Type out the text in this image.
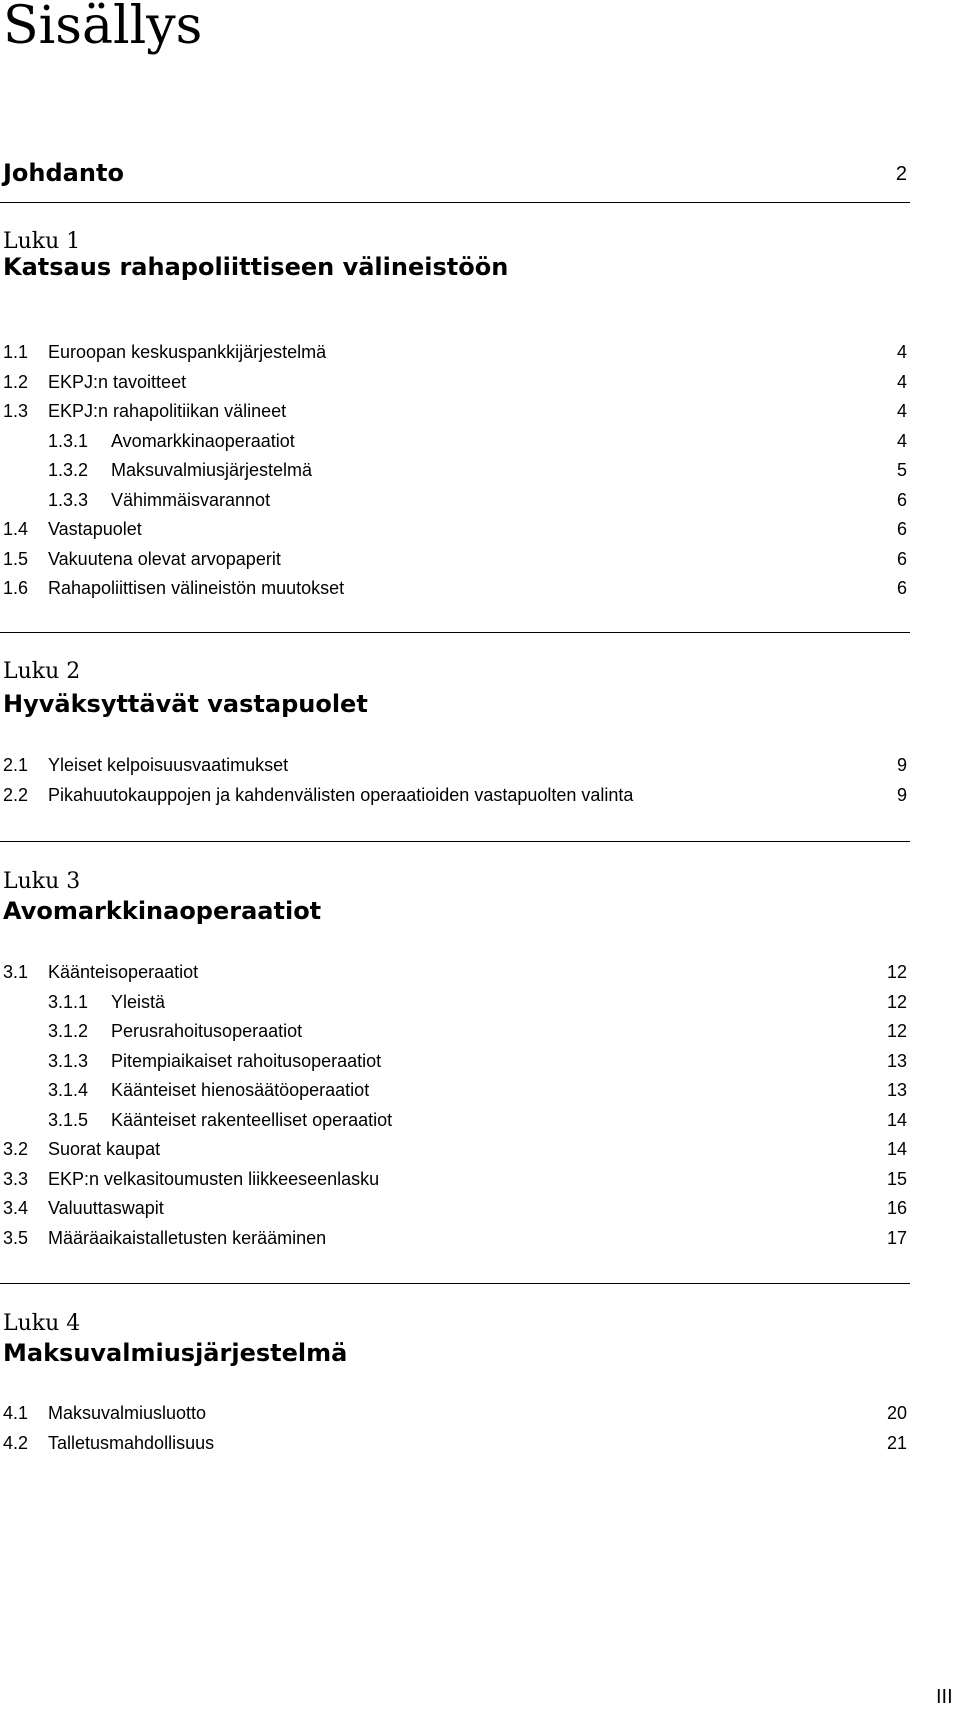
Sisällys
Johdanto	2
Luku 1
Katsaus rahapoliittiseen välineistöön
1.1 Euroopan keskuspankkijärjestelmä	4
1.2 EKPJ:n tavoitteet	4
1.3 EKPJ:n rahapolitiikan välineet	4
1.3.1 Avomarkkinaoperaatiot	4
1.3.2 Maksuvalmiusjärjestelmä	5
1.3.3 Vähimmäisvarannot	6
1.4 Vastapuolet	6
1.5 Vakuutena olevat arvopaperit	6
1.6 Rahapoliittisen välineistön muutokset	6
Luku 2
Hyväksyttävät vastapuolet
2.1 Yleiset kelpoisuusvaatimukset	9
2.2 Pikahuutokauppojen ja kahdenvälisten operaatioiden vastapuolten valinta	9
Luku 3
Avomarkkinaoperaatiot
3.1 Käänteisoperaatiot	12
3.1.1 Yleistä	12
3.1.2 Perusrahoitusoperaatiot	12
3.1.3 Pitempiaikaiset rahoitusoperaatiot	13
3.1.4 Käänteiset hienosäätöoperaatiot	13
3.1.5 Käänteiset rakenteelliset operaatiot	14
3.2 Suorat kaupat	14
3.3 EKP:n velkasitoumusten liikkeeseenlasku	15
3.4 Valuuttaswapit	16
3.5 Määräaikaistalletusten kerääminen	17
Luku 4
Maksuvalmiusjärjestelmä
4.1 Maksuvalmiusluotto	20
4.2 Talletusmahdollisuus	21
III
